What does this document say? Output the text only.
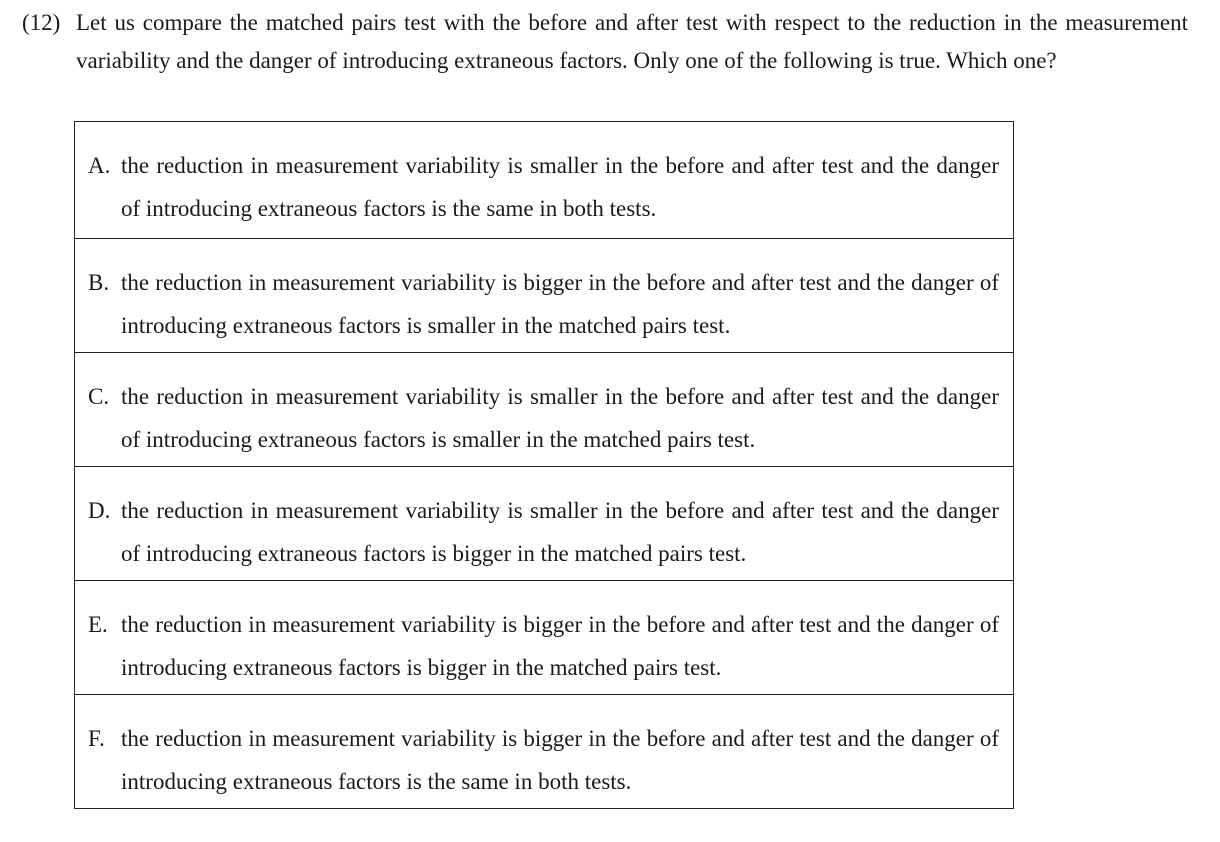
(12) Let us compare the matched pairs test with the before and after test with respect to the reduction in the measurement variability and the danger of introducing extraneous factors. Only one of the following is true. Which one?
A. the reduction in measurement variability is smaller in the before and after test and the danger of introducing extraneous factors is the same in both tests.
B. the reduction in measurement variability is bigger in the before and after test and the danger of introducing extraneous factors is smaller in the matched pairs test.
C. the reduction in measurement variability is smaller in the before and after test and the danger of introducing extraneous factors is smaller in the matched pairs test.
D. the reduction in measurement variability is smaller in the before and after test and the danger of introducing extraneous factors is bigger in the matched pairs test.
E. the reduction in measurement variability is bigger in the before and after test and the danger of introducing extraneous factors is bigger in the matched pairs test.
F. the reduction in measurement variability is bigger in the before and after test and the danger of introducing extraneous factors is the same in both tests.
